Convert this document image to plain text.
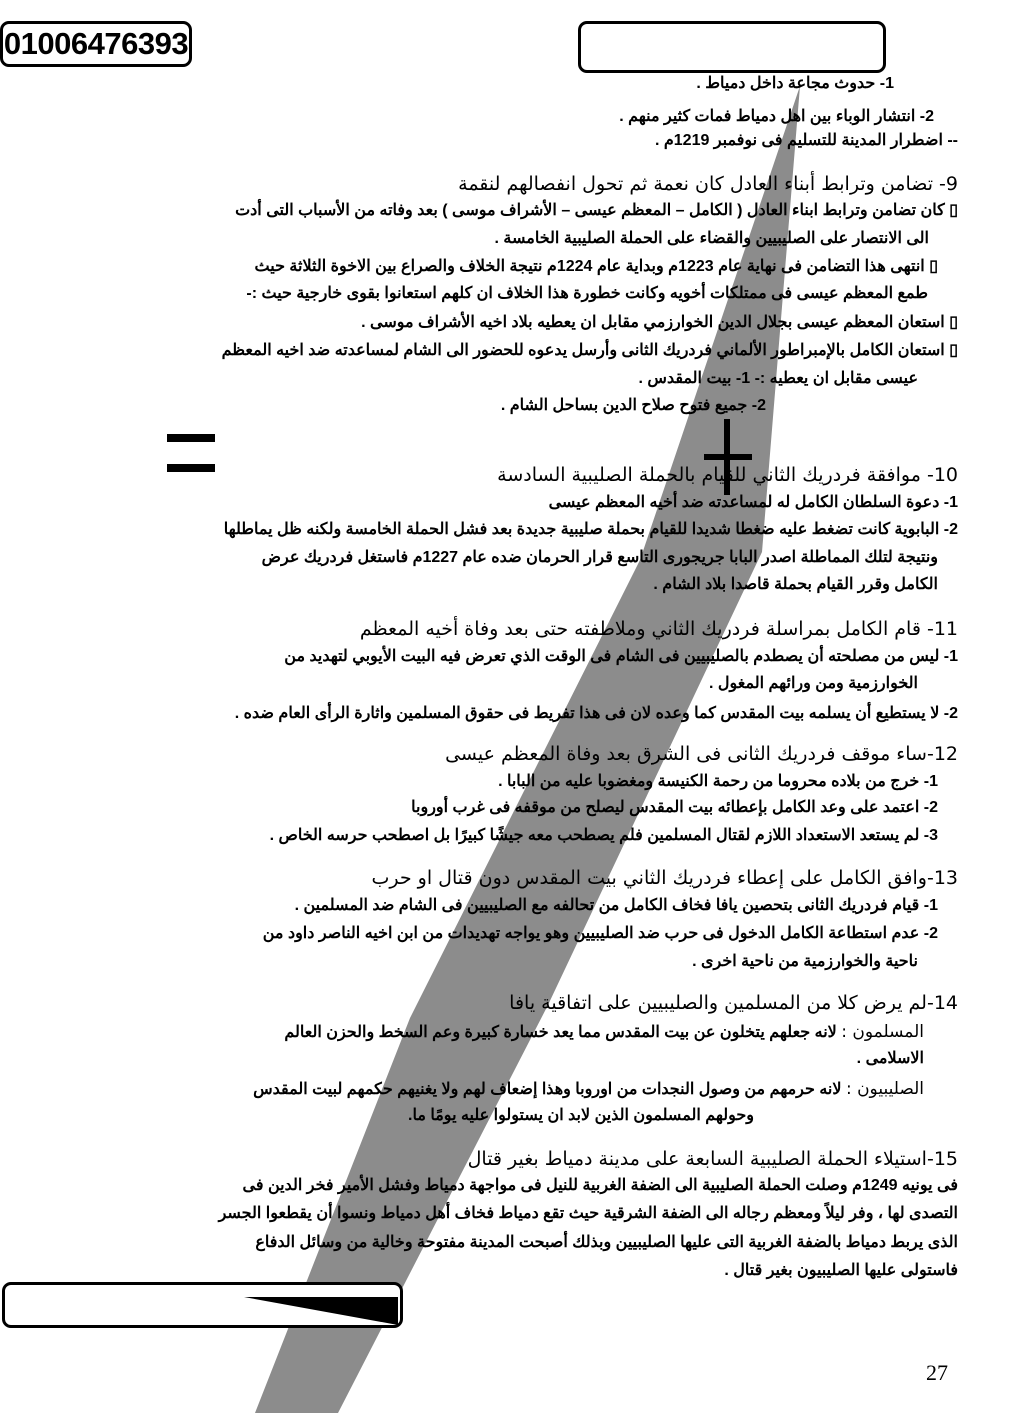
01006476393
1- حدوث مجاعة داخل دمياط .
2- انتشار الوباء بين اهل دمياط فمات كثير منهم .
-- اضطرار المدينة للتسليم فى نوفمبر 1219م .
9- تضامن وترابط أبناء العادل كان نعمة ثم تحول انفصالهم لنقمة
▯ كان تضامن وترابط ابناء العادل ( الكامل – المعظم عيسى – الأشراف موسى ) بعد وفاته من الأسباب التى أدت
الى الانتصار على الصليبيين والقضاء على الحملة الصليبية الخامسة .
▯ انتهى هذا التضامن فى نهاية عام 1223م وبداية عام 1224م نتيجة الخلاف والصراع بين الاخوة الثلاثة حيث
طمع المعظم عيسى فى ممتلكات أخويه وكانت خطورة هذا الخلاف ان كلهم استعانوا بقوى خارجية حيث :-
▯ استعان المعظم عيسى بجلال الدين الخوارزمي مقابل ان يعطيه بلاد اخيه الأشراف موسى .
▯ استعان الكامل بالإمبراطور الألماني فردريك الثانى وأرسل يدعوه للحضور الى الشام لمساعدته ضد اخيه المعظم
عيسى مقابل ان يعطيه :- 1- بيت المقدس .
2- جميع فتوح صلاح الدين بساحل الشام .
10- موافقة فردريك الثاني للقيام بالحملة الصليبية السادسة
1- دعوة السلطان الكامل له لمساعدته ضد أخيه المعظم عيسى
2- البابوية كانت تضغط عليه ضغطا شديدا للقيام بحملة صليبية جديدة بعد فشل الحملة الخامسة ولكنه ظل يماطلها
ونتيجة لتلك المماطلة اصدر البابا جريجورى التاسع قرار الحرمان ضده عام 1227م فاستغل فردريك عرض
الكامل وقرر القيام بحملة قاصدا بلاد الشام .
11- قام الكامل بمراسلة فردريك الثاني وملاطفته حتى بعد وفاة أخيه المعظم
1- ليس من مصلحته أن يصطدم بالصليبيين فى الشام فى الوقت الذي تعرض فيه البيت الأيوبي لتهديد من
الخوارزمية ومن ورائهم المغول .
2- لا يستطيع أن يسلمه بيت المقدس كما وعده لان فى هذا تفريط فى حقوق المسلمين واثارة الرأى العام ضده .
12-ساء موقف فردريك الثانى فى الشرق بعد وفاة المعظم عيسى
1- خرج من بلاده محروما من رحمة الكنيسة ومغضوبا عليه من البابا .
2- اعتمد على وعد الكامل بإعطائه بيت المقدس ليصلح من موقفه فى غرب أوروبا
3- لم يستعد الاستعداد اللازم لقتال المسلمين فلم يصطحب معه جيشًا كبيرًا بل اصطحب حرسه الخاص .
13-وافق الكامل على إعطاء فردريك الثاني بيت المقدس دون قتال او حرب
1- قيام فردريك الثانى بتحصين يافا فخاف الكامل من تحالفه مع الصليبيين فى الشام ضد المسلمين .
2- عدم استطاعة الكامل الدخول فى حرب ضد الصليبيين وهو يواجه تهديدات من ابن اخيه الناصر داود من
ناحية والخوارزمية من ناحية اخرى .
14-لم يرض كلا من المسلمين والصليبيين على اتفاقية يافا
المسلمون : لانه جعلهم يتخلون عن بيت المقدس مما يعد خسارة كبيرة وعم السخط والحزن العالم
الاسلامى .
الصليبيون : لانه حرمهم من وصول النجدات من اوروبا وهذا إضعاف لهم ولا يغنيهم حكمهم لبيت المقدس
وحولهم المسلمون الذين لابد ان يستولوا عليه يومًا ما.
15-استيلاء الحملة الصليبية السابعة على مدينة دمياط بغير قتال
فى يونيه 1249م وصلت الحملة الصليبية الى الضفة الغربية للنيل فى مواجهة دمياط وفشل الأمير فخر الدين فى
التصدى لها ، وفر ليلاً ومعظم رجاله الى الضفة الشرقية حيث تقع دمياط فخاف أهل دمياط ونسوا أن يقطعوا الجسر
الذى يربط دمياط بالضفة الغربية التى عليها الصليبيين وبذلك أصبحت المدينة مفتوحة وخالية من وسائل الدفاع
فاستولى عليها الصليبيون بغير قتال .
27
